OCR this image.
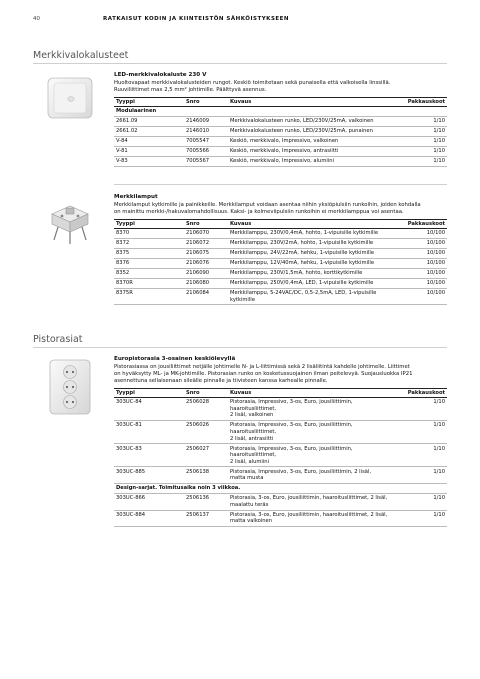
40	RATKAISUT KODIN JA KIINTEISTÖN SÄHKÖISTYKSEEN
Merkkivalokalusteet
LED-merkkivalokaluste 230 V
Huoltovapaat merkkivalokalusteiden rungot. Keskiö toimitetaan sekä punaisella että valkoisella linssillä.
Ruuviliittimet max 2,5 mm² johtimille. Päälttyvä asennus.
Tyyppi	Snro	Kuvaus	Pakkauskoot
Modulaarinen			
2661.09	2146009	Merkkivalokalusteen runko, LED/230V/25mA, valkoinen	1/10
2661.02	2146010	Merkkivalokalusteen runko, LED/230V/25mA, punainen	1/10
V-84	7005547	Keskiö, merkkivalo, Impressivo, valkoinen	1/10
V-81	7005566	Keskiö, merkkivalo, Impressivo, antrasiitti	1/10
V-83	7005567	Keskiö, merkkivalo, Impressivo, alumiini	1/10
Merkkilamput
Merkkilamput kytkimille ja painikkeille. Merkkilamput voidaan asentaa niihin yksiöpiulsiin runkoihin, joiden kohdalla
on mainittu merkki-/hakuvalomahdollisuus. Kaksi- ja kolmeviipulsiin runkoihin ei merkkilamppua voi asentaa.
Tyyppi	Snro	Kuvaus	Pakkauskoot
8370	2106070	Merkkilamppu, 230V/0,4mA, hohto, 1-vipuisille kytkimille	10/100
8372	2106072	Merkkilamppu, 230V/2mA, hohto, 1-vipuisille kytkimille	10/100
8375	2106075	Merkkilamppu, 24V/22mA, hehku, 1-vipuisille kytkimille	10/100
8376	2106076	Merkkilamppu, 12V/40mA, hehku, 1-vipuisille kytkimille	10/100
8352	2106090	Merkkilamppu, 230V/1,5mA, hohto, korttikytkimille	10/100
8370R	2106080	Merkkilamppu, 250V/0,4mA, LED, 1-vipuisille kytkimille	10/100
8375R	2106084	Merkkilamppu, 5-24VAC/DC, 0,5-2,5mA, LED, 1-vipuisille kytkimille	10/100
Pistorasiat
Europistorasia 3-osainen keskiölevyllä
Pistorasiassa on jousiliittimet netjälle johtimelle N- ja L-liittimissä sekä 2 lisäliitintä kahdelle johtimelle. Liittimet
on hyväksytty ML- ja MK-johtimille. Pistorasian runko on kosketussuojainen ilman peitelevyä. Suojausluokka IP21
asennettuna sellaisenaan sileälle pinnalle ja tiivisteen kanssa karhealle pinnalle.
Tyyppi	Snro	Kuvaus	Pakkauskoot
303UC-84	2506028	Pistorasia, Impressivo, 3-os, Euro, jousiliittimin, haaroitusliittimet,
2 lisäl, valkoinen	1/10
303UC-81	2506026	Pistorasia, Impressivo, 3-os, Euro, jousiliittimin, haaroitusliittimet,
2 lisäl, antrasiitti	1/10
303UC-83	2506027	Pistorasia, Impressivo, 3-os, Euro, jousiliittimin, haaroitusliittimet,
2 lisäl, alumiini	1/10
303UC-885	2506138	Pistorasia, Impressivo, 3-os, Euro, jousiliittimin, 2 lisäl,
matta musta	1/10
Design-sarjat. Toimitusaika noin 3 viikkoa.			
303UC-866	2506136	Pistorasia, 3-os, Euro, jousiliittimin, haaroitusliittimet, 2 lisäl,
maalattu teräs	1/10
303UC-884	2506137	Pistorasia, 3-os, Euro, jousiliittimin, haaroitusliittimet, 2 lisäl,
matta valkoinen	1/10
